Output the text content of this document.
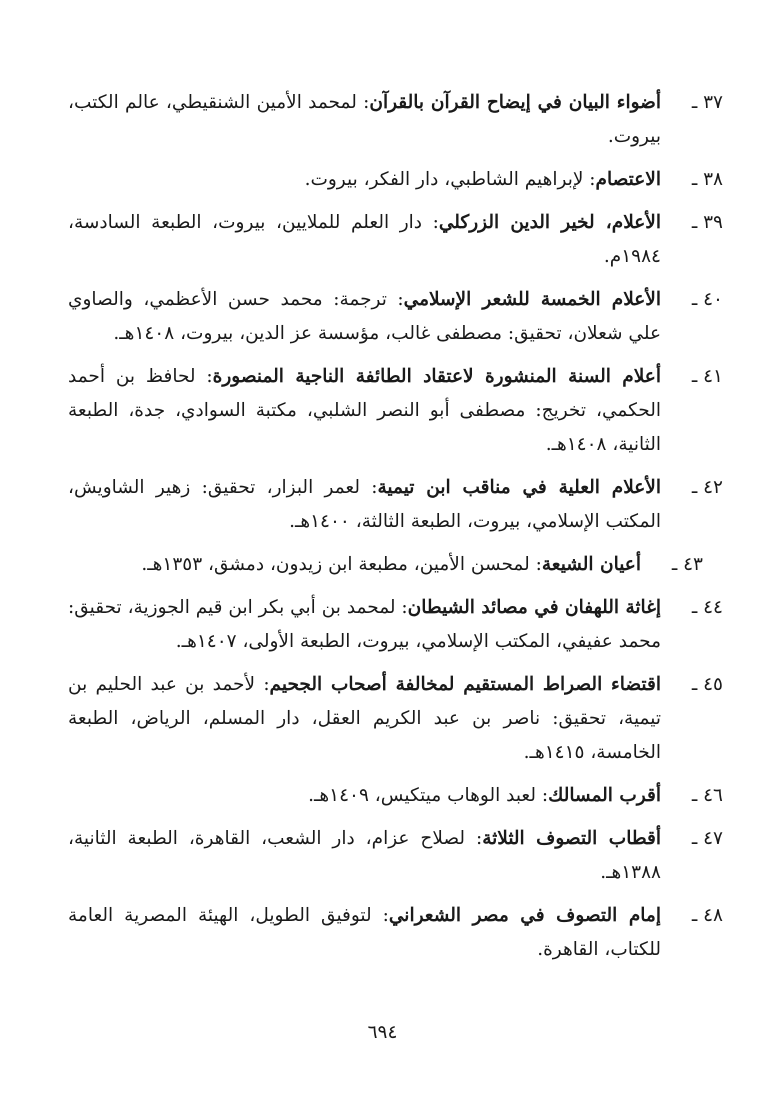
٣٧ ـ
أضواء البيان في إيضاح القرآن بالقرآن: لمحمد الأمين الشنقيطي، عالم الكتب، بيروت.
٣٨ ـ
الاعتصام: لإبراهيم الشاطبي، دار الفكر، بيروت.
٣٩ ـ
الأعلام، لخير الدين الزركلي: دار العلم للملايين، بيروت، الطبعة السادسة، ١٩٨٤م.
٤٠ ـ
الأعلام الخمسة للشعر الإسلامي: ترجمة: محمد حسن الأعظمي، والصاوي علي شعلان، تحقيق: مصطفى غالب، مؤسسة عز الدين، بيروت، ١٤٠٨هـ.
٤١ ـ
أعلام السنة المنشورة لاعتقاد الطائفة الناجية المنصورة: لحافظ بن أحمد الحكمي، تخريج: مصطفى أبو النصر الشلبي، مكتبة السوادي، جدة، الطبعة الثانية، ١٤٠٨هـ.
٤٢ ـ
الأعلام العلية في مناقب ابن تيمية: لعمر البزار، تحقيق: زهير الشاويش، المكتب الإسلامي، بيروت، الطبعة الثالثة، ١٤٠٠هـ.
٤٣ ـ
أعيان الشيعة: لمحسن الأمين، مطبعة ابن زيدون، دمشق، ١٣٥٣هـ.
٤٤ ـ
إغاثة اللهفان في مصائد الشيطان: لمحمد بن أبي بكر ابن قيم الجوزية، تحقيق: محمد عفيفي، المكتب الإسلامي، بيروت، الطبعة الأولى، ١٤٠٧هـ.
٤٥ ـ
اقتضاء الصراط المستقيم لمخالفة أصحاب الجحيم: لأحمد بن عبد الحليم بن تيمية، تحقيق: ناصر بن عبد الكريم العقل، دار المسلم، الرياض، الطبعة الخامسة، ١٤١٥هـ.
٤٦ ـ
أقرب المسالك: لعبد الوهاب ميتكيس، ١٤٠٩هـ.
٤٧ ـ
أقطاب التصوف الثلاثة: لصلاح عزام، دار الشعب، القاهرة، الطبعة الثانية، ١٣٨٨هـ.
٤٨ ـ
إمام التصوف في مصر الشعراني: لتوفيق الطويل، الهيئة المصرية العامة للكتاب، القاهرة.
٦٩٤
